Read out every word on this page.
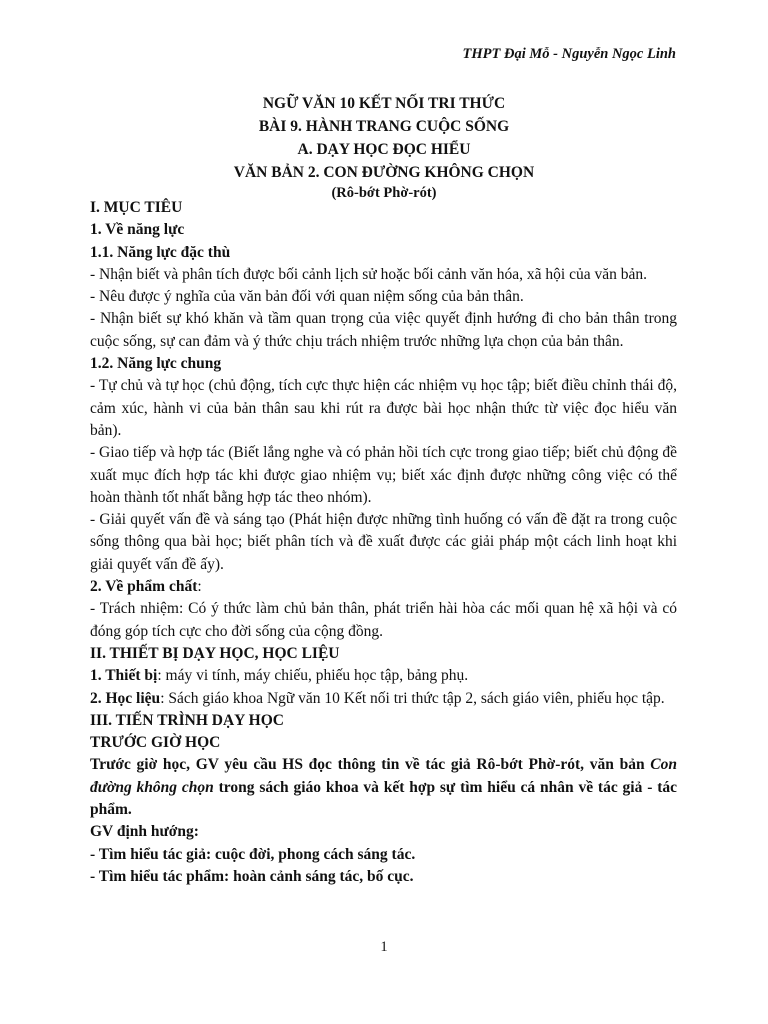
THPT Đại Mỗ - Nguyễn Ngọc Linh
NGỮ VĂN 10 KẾT NỐI TRI THỨC
BÀI 9. HÀNH TRANG CUỘC SỐNG
A. DẠY HỌC ĐỌC HIỂU
VĂN BẢN 2. CON ĐƯỜNG KHÔNG CHỌN
(Rô-bớt Phờ-rót)

I. MỤC TIÊU

1. Về năng lực

1.1. Năng lực đặc thù

- Nhận biết và phân tích được bối cảnh lịch sử hoặc bối cảnh văn hóa, xã hội của văn bản.

- Nêu được ý nghĩa của văn bản đối với quan niệm sống của bản thân.

- Nhận biết sự khó khăn và tầm quan trọng của việc quyết định hướng đi cho bản thân trong cuộc sống, sự can đảm và ý thức chịu trách nhiệm trước những lựa chọn của bản thân.

1.2. Năng lực chung

- Tự chủ và tự học (chủ động, tích cực thực hiện các nhiệm vụ học tập; biết điều chỉnh thái độ, cảm xúc, hành vi của bản thân sau khi rút ra được bài học nhận thức từ việc đọc hiểu văn bản).

- Giao tiếp và hợp tác (Biết lắng nghe và có phản hồi tích cực trong giao tiếp; biết chủ động đề xuất mục đích hợp tác khi được giao nhiệm vụ; biết xác định được những công việc có thể hoàn thành tốt nhất bằng hợp tác theo nhóm).

- Giải quyết vấn đề và sáng tạo (Phát hiện được những tình huống có vấn đề đặt ra trong cuộc sống thông qua bài học; biết phân tích và đề xuất được các giải pháp một cách linh hoạt khi giải quyết vấn đề ấy).

2. Về phẩm chất:

- Trách nhiệm: Có ý thức làm chủ bản thân, phát triển hài hòa các mối quan hệ xã hội và có đóng góp tích cực cho đời sống của cộng đồng.

II. THIẾT BỊ DẠY HỌC, HỌC LIỆU

1. Thiết bị: máy vi tính, máy chiếu, phiếu học tập, bảng phụ.

2. Học liệu: Sách giáo khoa Ngữ văn 10 Kết nối tri thức tập 2, sách giáo viên, phiếu học tập.

III. TIẾN TRÌNH DẠY HỌC

TRƯỚC GIỜ HỌC

Trước giờ học, GV yêu cầu HS đọc thông tin về tác giả Rô-bớt Phờ-rót, văn bản Con đường không chọn trong sách giáo khoa và kết hợp sự tìm hiểu cá nhân về tác giả - tác phẩm.

GV định hướng:

- Tìm hiểu tác giả: cuộc đời, phong cách sáng tác.

- Tìm hiểu tác phẩm: hoàn cảnh sáng tác, bố cục.

1
